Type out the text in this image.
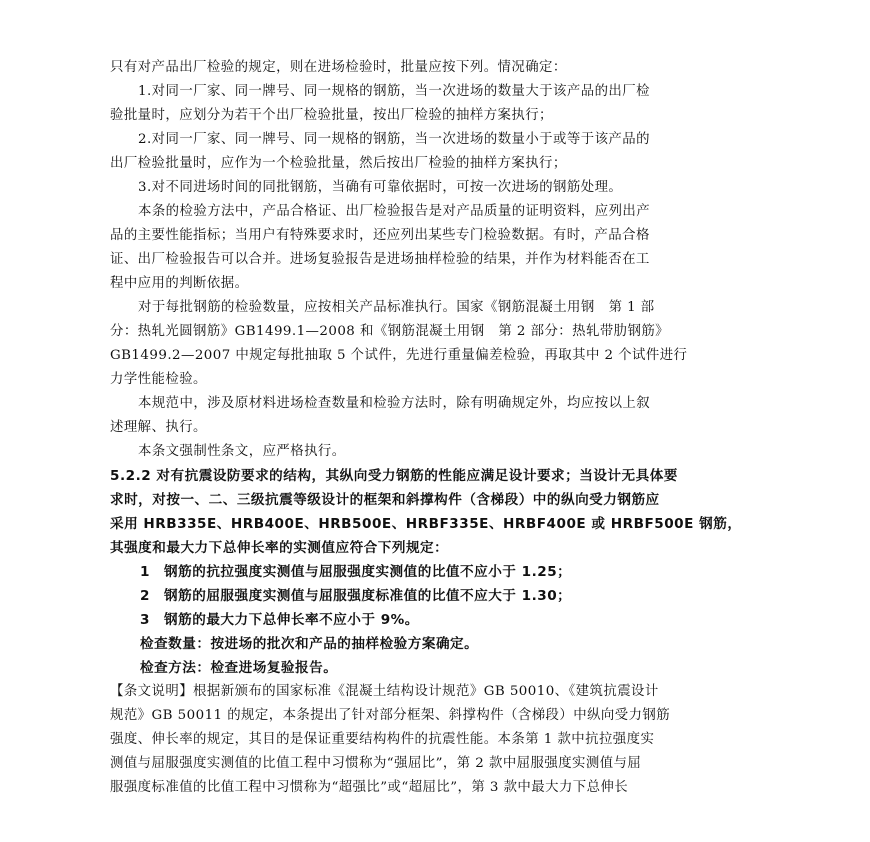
只有对产品出厂检验的规定，则在进场检验时，批量应按下列。情况确定：
1.对同一厂家、同一牌号、同一规格的钢筋，当一次进场的数量大于该产品的出厂检
验批量时，应划分为若干个出厂检验批量，按出厂检验的抽样方案执行；
2.对同一厂家、同一牌号、同一规格的钢筋，当一次进场的数量小于或等于该产品的
出厂检验批量时，应作为一个检验批量，然后按出厂检验的抽样方案执行；
3.对不同进场时间的同批钢筋，当确有可靠依据时，可按一次进场的钢筋处理。
本条的检验方法中，产品合格证、出厂检验报告是对产品质量的证明资料，应列出产
品的主要性能指标；当用户有特殊要求时，还应列出某些专门检验数据。有时，产品合格
证、出厂检验报告可以合并。进场复验报告是进场抽样检验的结果，并作为材料能否在工
程中应用的判断依据。
对于每批钢筋的检验数量，应按相关产品标准执行。国家《钢筋混凝土用钢　第 1 部
分：热轧光圆钢筋》GB1499.1—2008 和《钢筋混凝土用钢　第 2 部分：热轧带肋钢筋》
GB1499.2—2007 中规定每批抽取 5 个试件，先进行重量偏差检验，再取其中 2 个试件进行
力学性能检验。
本规范中，涉及原材料进场检查数量和检验方法时，除有明确规定外，均应按以上叙
述理解、执行。
本条文强制性条文，应严格执行。
5.2.2 对有抗震设防要求的结构，其纵向受力钢筋的性能应满足设计要求；当设计无具体要
求时，对按一、二、三级抗震等级设计的框架和斜撑构件（含梯段）中的纵向受力钢筋应
采用 HRB335E、HRB400E、HRB500E、HRBF335E、HRBF400E 或 HRBF500E 钢筋，
其强度和最大力下总伸长率的实测值应符合下列规定：
1　钢筋的抗拉强度实测值与屈服强度实测值的比值不应小于 1.25；
2　钢筋的屈服强度实测值与屈服强度标准值的比值不应大于 1.30；
3　钢筋的最大力下总伸长率不应小于 9%。
检查数量：按进场的批次和产品的抽样检验方案确定。
检查方法：检查进场复验报告。
【条文说明】根据新颁布的国家标准《混凝土结构设计规范》GB 50010、《建筑抗震设计
规范》GB 50011 的规定，本条提出了针对部分框架、斜撑构件（含梯段）中纵向受力钢筋
强度、伸长率的规定，其目的是保证重要结构构件的抗震性能。本条第 1 款中抗拉强度实
测值与屈服强度实测值的比值工程中习惯称为“强屈比”，第 2 款中屈服强度实测值与屈
服强度标准值的比值工程中习惯称为“超强比”或“超屈比”，第 3 款中最大力下总伸长
